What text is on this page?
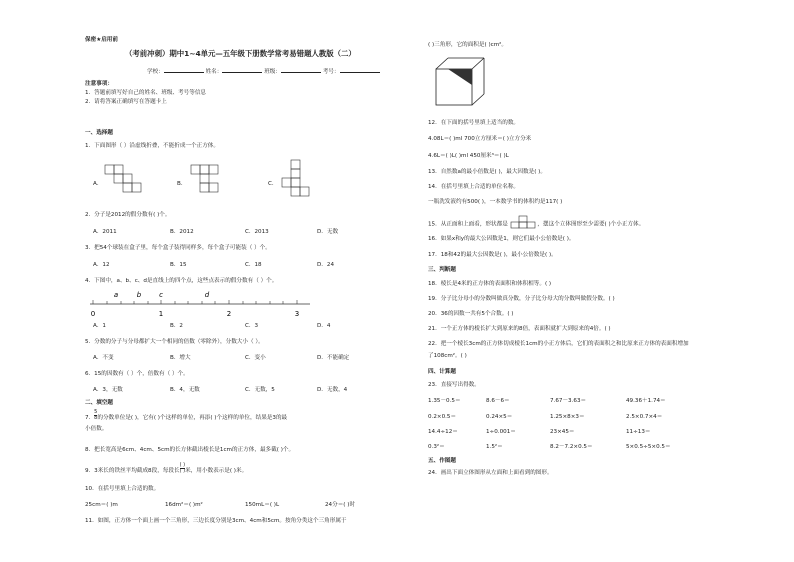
保密★启用前
（考前冲刺）期中1~4单元—五年级下册数学常考易错题人教版（二）
学校：	姓名：	班级：	考号：
注意事项：
1．答题前填写好自己的姓名、班级、考号等信息
2．请将答案正确填写在答题卡上
一、选择题
1．下面图形（ ）沿虚线折叠，不能折成一个正方体。
A．	B．	C．
2．分子是2012的假分数有( )个。
A．2011	B．2012	C．2013	D．无数
3．把54个球装在盒子里，每个盒子装得同样多，每个盒子可能装（ ）个。
A．12	B．15	C．18	D．24
4．下图中，a、b、c、d是直线上的四个点，这些点表示的假分数有（ ）个。
a	b	c	d
0	1	2	3
A．1	B．2	C．3	D．4
5．分数的分子与分母都扩大一个相同的倍数（零除外），分数大小（ ）。
A．不变	B．增大	C．变小	D．不能确定
6．15的因数有（ ）个，倍数有（ ）个。
A．3，无数	B．4，无数	C．无数，5	D．无数，4
二、填空题
7． $\frac{5}{8}$ 的分数单位是( )，它有( )个这样的单位，再添( )个这样的单位，结果是3的最
小倍数。
8．把长宽高是6cm、4cm、5cm的长方体截出棱长是1cm的正方体，最多截( )个。
9．3米长的铁丝平均截成8段，每段长
( )
( ) 米，用小数表示是( )米。
10．在括号里填上合适的数。
25cm＝( )m	16dm²＝( )m²	150mL＝( )L	24分＝( )时
11．如图，正方体一个面上画一个三角形，三边长度分别是3cm、4cm和5cm。按角分类这个三角形属于
( )三角形，它的面积是( )cm²。
12．在下面的括号里填上适当的数。
4.08L＝( )ml 700立方厘米＝( )立方分米
4.6L＝( )L( )ml 450厘米³＝( )L
13．自然数a的最小倍数是( )，最大因数是( )。
14．在括号里填上合适的单位名称。
一瓶洗发液约有500( )，一本数学书的体积约是117( )
15．从正面和上面看，形状都是	，摆这个立体图形至少需要( )个小正方体。
16．如果x和y的最大公因数是1，则它们最小公倍数是( )。
17．18和42的最大公因数是( )，最小公倍数是( )。
三、判断题
18．棱长是4米的正方体的表面积和体积相等。( )
19．分子比分母小的分数叫做真分数，分子比分母大的分数叫做假分数。( )
20．36的因数一共有5个合数。( )
21．一个正方体的棱长扩大到原来的8倍，表面积就扩大到原来的4倍。( )
22．把一个棱长3cm的正方体切成棱长1cm的小正方体后，它们的表面积之和比原来正方体的表面积增加
了108cm²。( )
四、计算题
23．直接写出得数。
1.35－0.5＝	8.6－6＝	7.67－3.63＝	49.36＋1.74＝
0.2×0.5＝	0.24×5＝	1.25×8×3＝	2.5×0.7×4＝
14.4÷12＝	1÷0.001＝	23×45＝	11÷13＝
0.3²＝	1.5²＝	8.2－7.2×0.5＝	5×0.5÷5×0.5＝
五、作图题
24．画出下面立体图形从左面和上面看到的图形。
